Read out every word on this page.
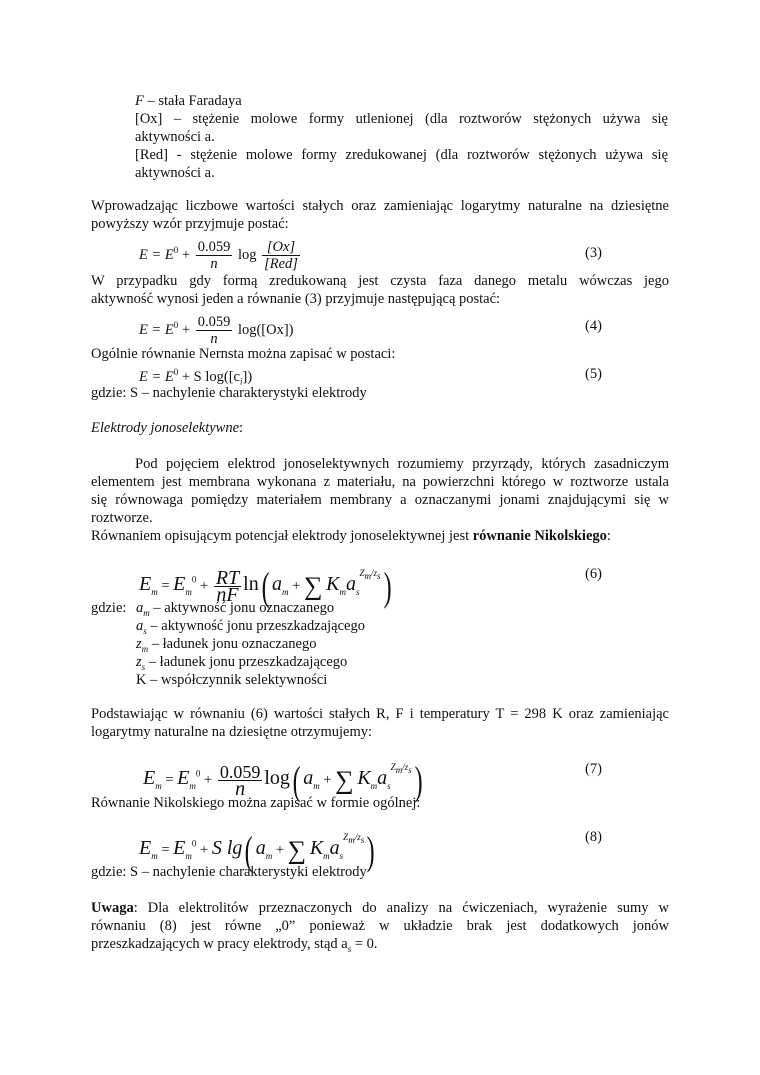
F – stała Faradaya
[Ox] – stężenie molowe formy utlenionej (dla roztworów stężonych używa się
aktywności a.
[Red] - stężenie molowe formy zredukowanej (dla roztworów stężonych używa się
aktywności a.
Wprowadzając liczbowe wartości stałych oraz zamieniając logarytmy naturalne na dziesiętne
powyższy wzór przyjmuje postać:
$E = E^0 + \frac{0.059}{n}$ $\log \frac{[Ox]}{\text{[Red]}}$	(3)
W przypadku gdy formą zredukowaną jest czysta faza danego metalu wówczas jego
aktywność wynosi jeden a równanie (3) przyjmuje następującą postać:
$E = E^0 + \frac{0.059}{n} \log([Ox])$	(4)
Ogólnie równanie Nernsta można zapisać w postaci:
$E = E^0 + S$ $\log([c_i])$	(5)
gdzie: S – nachylenie charakterystyki elektrody
Elektrody jonoselektywne:
Pod pojęciem elektrod jonoselektywnych rozumiemy przyrządy, których zasadniczym
elementem jest membrana wykonana z materiału, na powierzchni którego w roztworze ustala
się równowaga pomiędzy materiałem membrany a oznaczanymi jonami znajdującymi się w
roztworze.
Równaniem opisującym potencjał elektrody jonoselektywnej jest równanie Nikolskiego:
$E_m = E_m^0 + \frac{RT}{nF} \ln$( $a_m$ + ∑ $K_ma_s^{Z_m/z_s}$)	(6)
gdzie: $a_m$ – aktywność jonu oznaczanego
$a_s$ – aktywność jonu przeszkadzającego
$z_m$ – ładunek jonu oznaczanego
$z_s$ – ładunek jonu przeszkadzającego
K – współczynnik selektywności
Podstawiając w równaniu (6) wartości stałych R, F i temperatury T = 298 K oraz zamieniając
logarytmy naturalne na dziesiętne otrzymujemy:
$E_m = E_m^0 + \frac{0.059}{n} \log$( $a_m$ + ∑ $K_ma_s^{Z_m/z_s}$)	(7)
Równanie Nikolskiego można zapisać w formie ogólnej:
$E_m = E_m^0 + S$ lg( $a_m$ + ∑ $K_ma_s^{Z_m/z_s}$)	(8)
gdzie: S – nachylenie charakterystyki elektrody
Uwaga: Dla elektrolitów przeznaczonych do analizy na ćwiczeniach, wyrażenie sumy w
równaniu (8) jest równe „0” ponieważ w układzie brak jest dodatkowych jonów
przeszkadzających w pracy elektrody, stąd $a_s = 0$.
